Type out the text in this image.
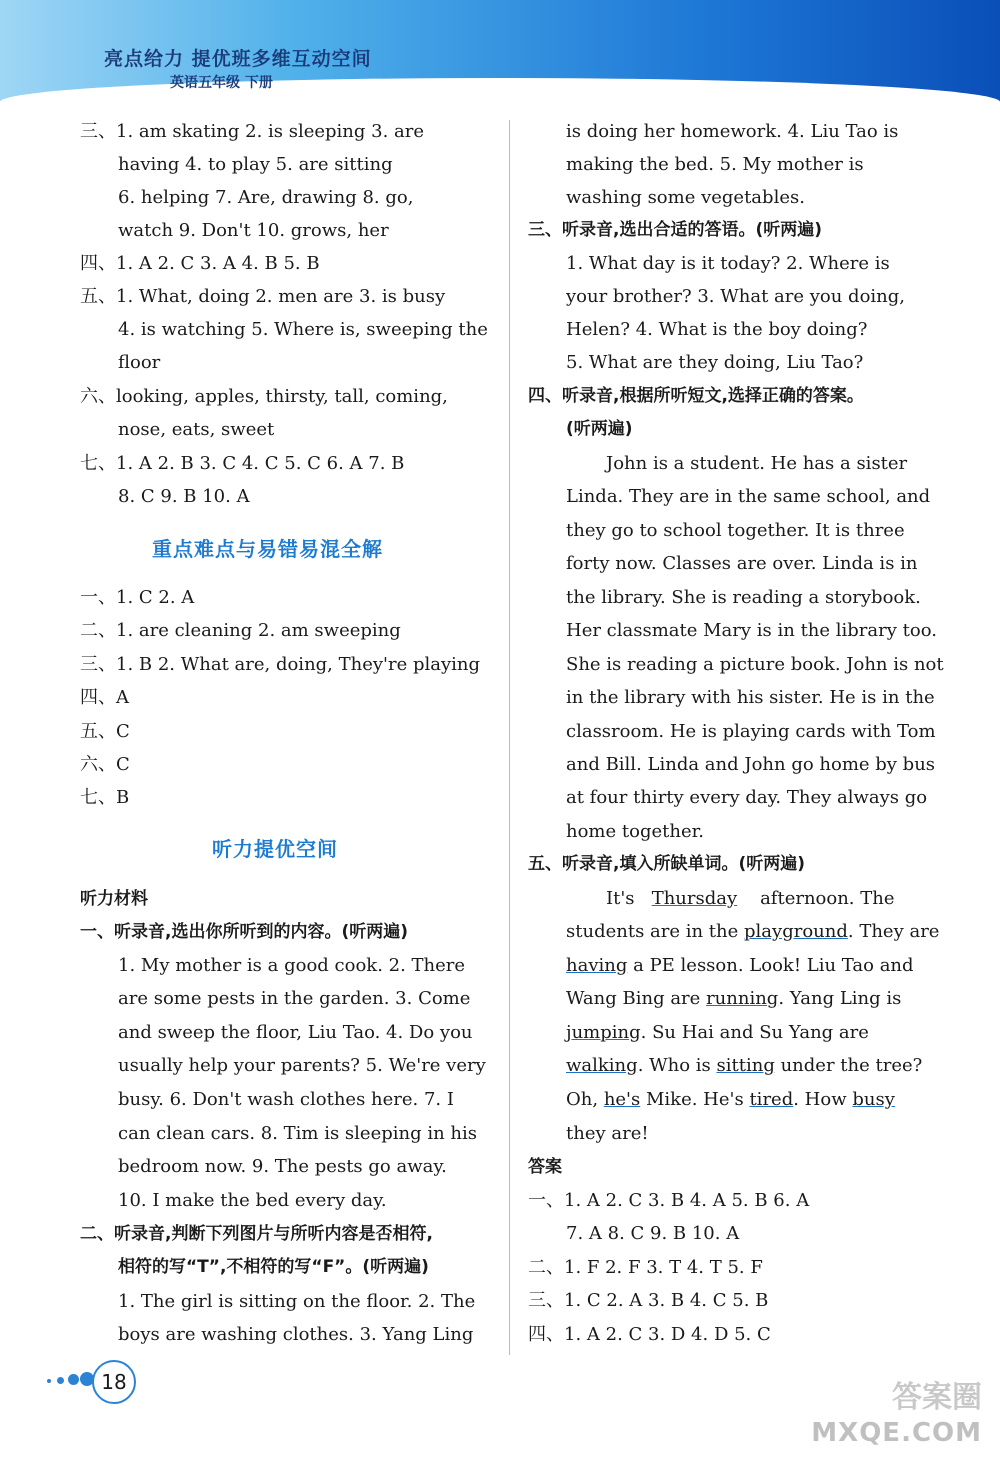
亮点给力 提优班多维互动空间
英语五年级 下册
三、1. am skating 2. is sleeping 3. are
having 4. to play 5. are sitting
6. helping 7. Are, drawing 8. go,
watch 9. Don't 10. grows, her
四、1. A 2. C 3. A 4. B 5. B
五、1. What, doing 2. men are 3. is busy
4. is watching 5. Where is, sweeping the
floor
六、looking, apples, thirsty, tall, coming,
nose, eats, sweet
七、1. A 2. B 3. C 4. C 5. C 6. A 7. B
8. C 9. B 10. A
重点难点与易错易混全解
一、1. C 2. A
二、1. are cleaning 2. am sweeping
三、1. B 2. What are, doing, They're playing
四、A
五、C
六、C
七、B
听力提优空间
听力材料
一、听录音,选出你所听到的内容。(听两遍)
1. My mother is a good cook. 2. There
are some pests in the garden. 3. Come
and sweep the floor, Liu Tao. 4. Do you
usually help your parents? 5. We're very
busy. 6. Don't wash clothes here. 7. I
can clean cars. 8. Tim is sleeping in his
bedroom now. 9. The pests go away.
10. I make the bed every day.
二、听录音,判断下列图片与所听内容是否相符,
相符的写“T”,不相符的写“F”。(听两遍)
1. The girl is sitting on the floor. 2. The
boys are washing clothes. 3. Yang Ling
is doing her homework. 4. Liu Tao is
making the bed. 5. My mother is
washing some vegetables.
三、听录音,选出合适的答语。(听两遍)
1. What day is it today? 2. Where is
your brother? 3. What are you doing,
Helen? 4. What is the boy doing?
5. What are they doing, Liu Tao?
四、听录音,根据所听短文,选择正确的答案。
(听两遍)
John is a student. He has a sister
Linda. They are in the same school, and
they go to school together. It is three
forty now. Classes are over. Linda is in
the library. She is reading a storybook.
Her classmate Mary is in the library too.
She is reading a picture book. John is not
in the library with his sister. He is in the
classroom. He is playing cards with Tom
and Bill. Linda and John go home by bus
at four thirty every day. They always go
home together.
五、听录音,填入所缺单词。(听两遍)
It's Thursday afternoon. The
students are in the playground. They are
having a PE lesson. Look! Liu Tao and
Wang Bing are running. Yang Ling is
jumping. Su Hai and Su Yang are
walking. Who is sitting under the tree?
Oh, he's Mike. He's tired. How busy
they are!
答案
一、1. A 2. C 3. B 4. A 5. B 6. A
7. A 8. C 9. B 10. A
二、1. F 2. F 3. T 4. T 5. F
三、1. C 2. A 3. B 4. C 5. B
四、1. A 2. C 3. D 4. D 5. C
18	答案圈
MXQE.COM
